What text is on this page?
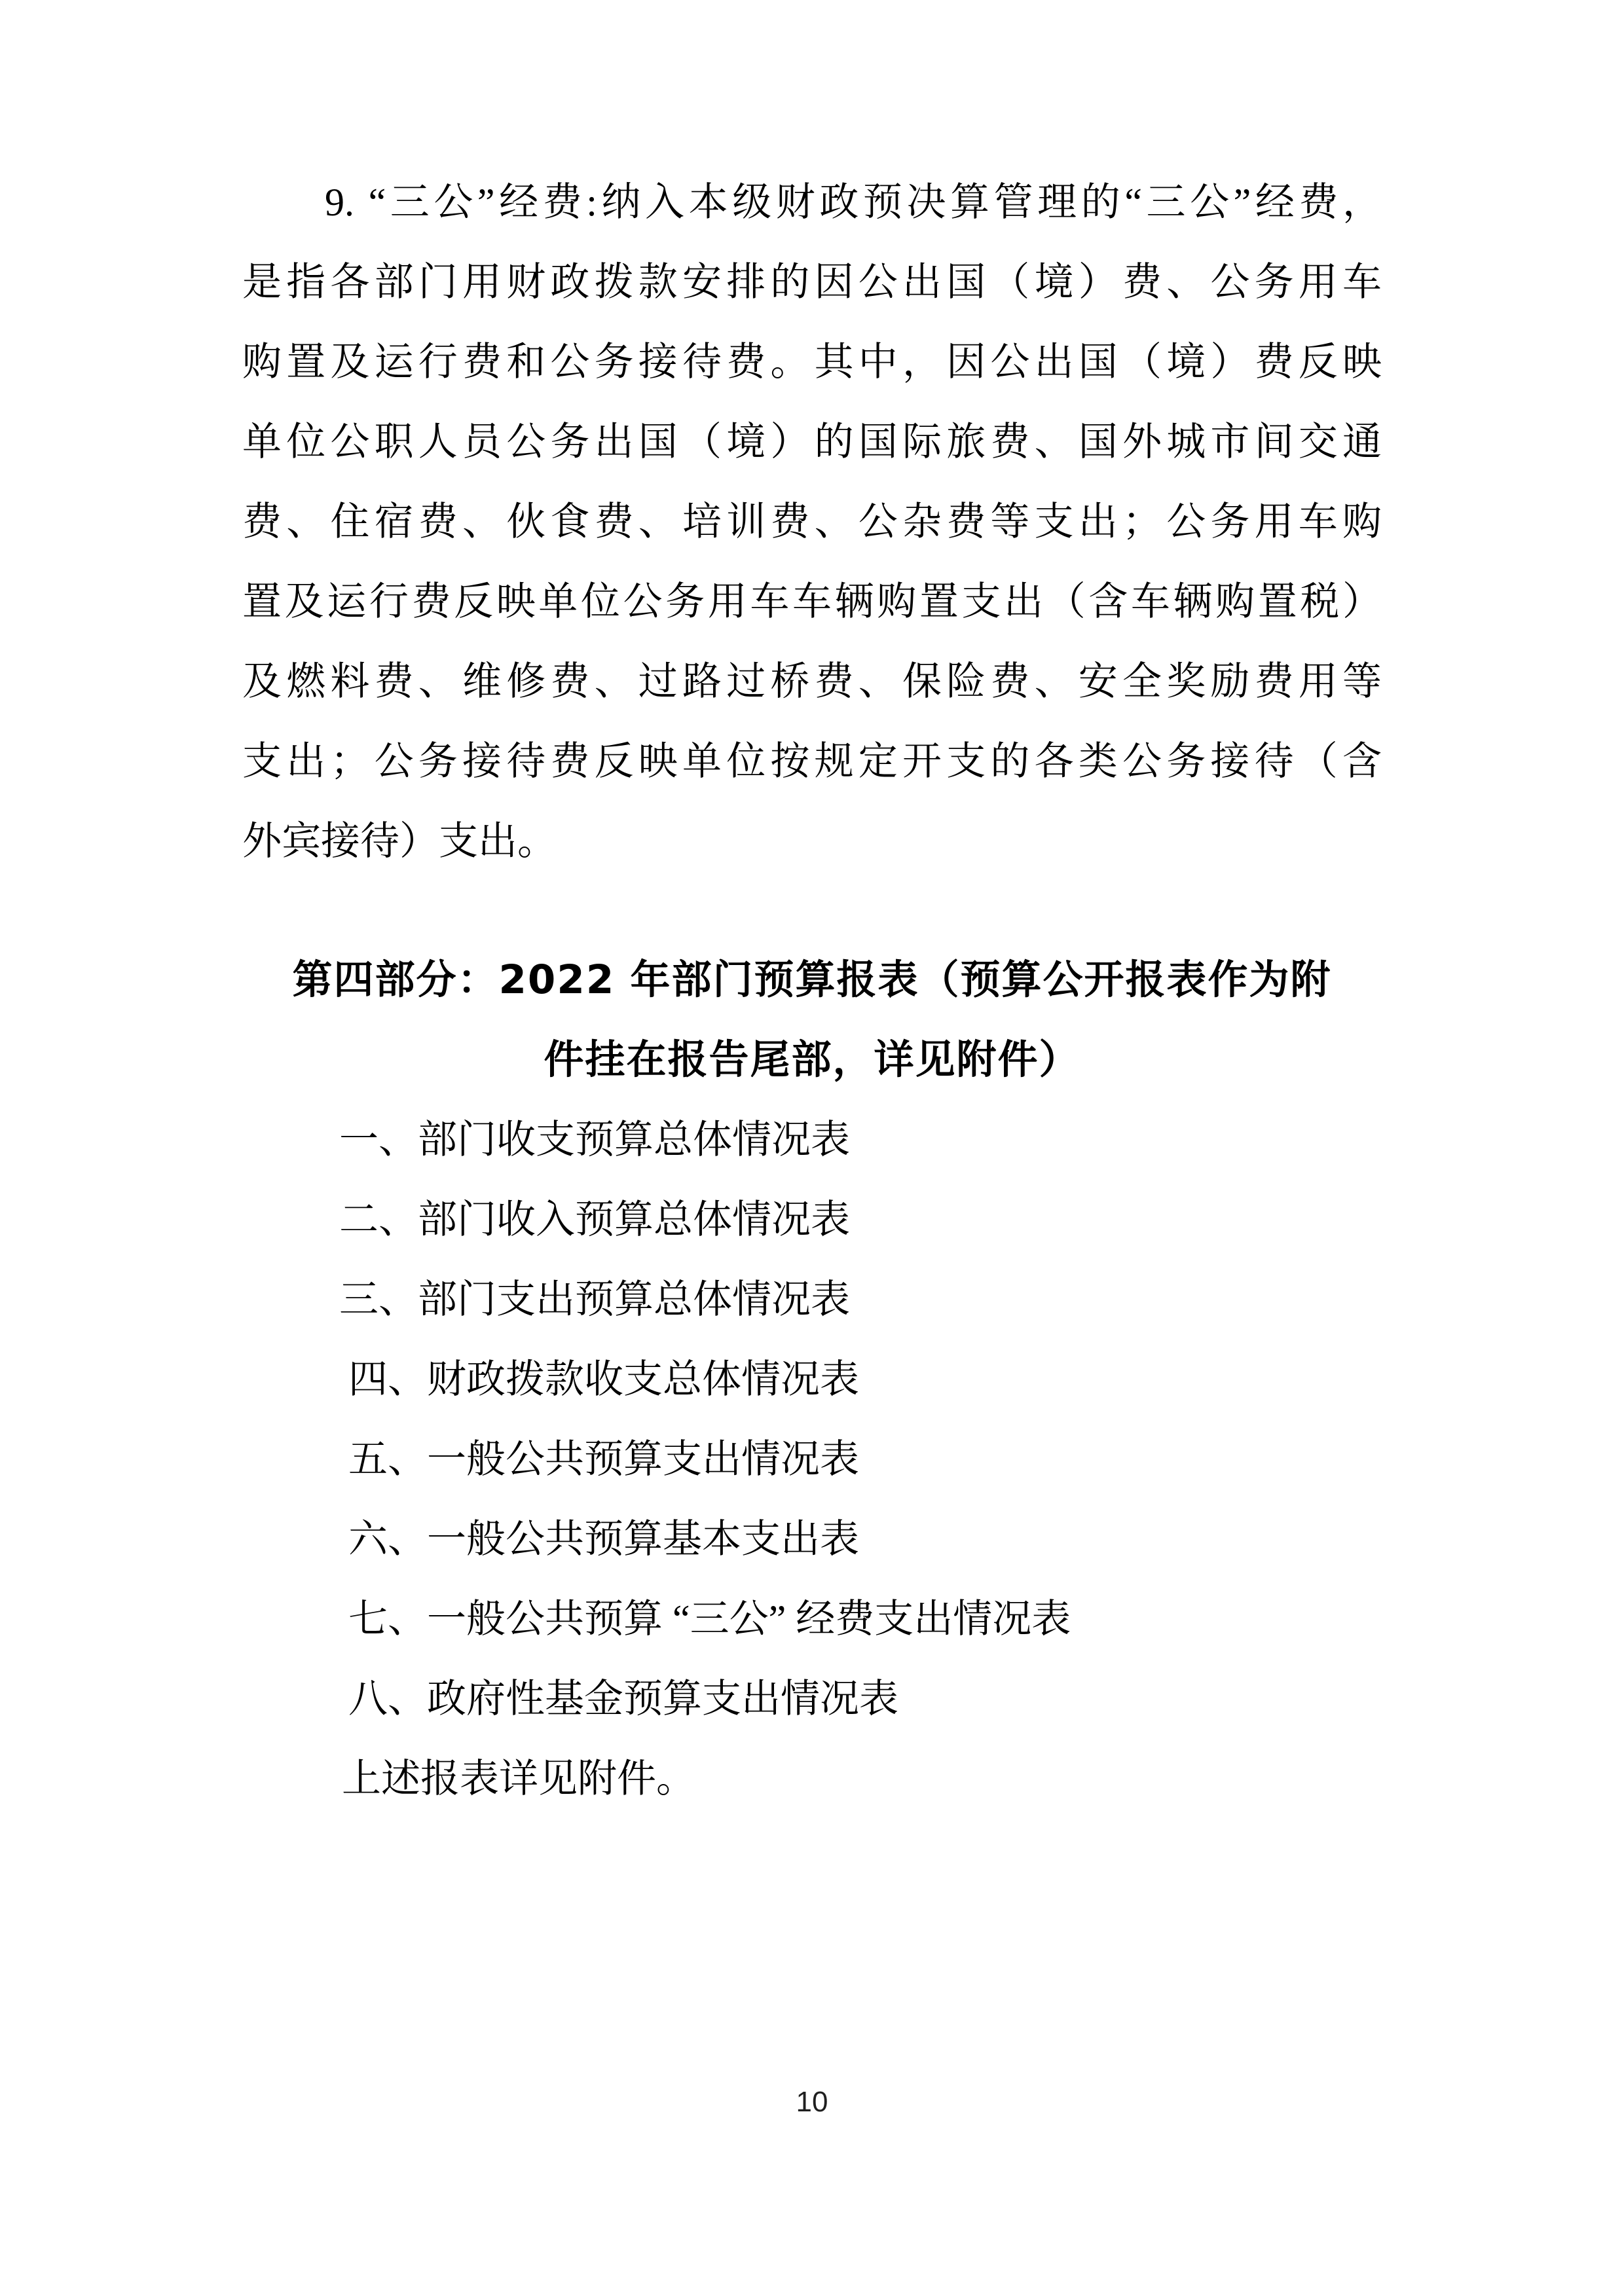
9. “三公”经费:纳入本级财政预决算管理的“三公”经费，
是指各部门用财政拨款安排的因公出国（境）费、公务用车
购置及运行费和公务接待费。其中，因公出国（境）费反映
单位公职人员公务出国（境）的国际旅费、国外城市间交通
费、住宿费、伙食费、培训费、公杂费等支出；公务用车购
置及运行费反映单位公务用车车辆购置支出（含车辆购置税）
及燃料费、维修费、过路过桥费、保险费、安全奖励费用等
支出；公务接待费反映单位按规定开支的各类公务接待（含
外宾接待）支出。
第四部分：2022 年部门预算报表（预算公开报表作为附
件挂在报告尾部，详见附件）
一、部门收支预算总体情况表
二、部门收入预算总体情况表
三、部门支出预算总体情况表
四、财政拨款收支总体情况表
五、一般公共预算支出情况表
六、一般公共预算基本支出表
七、一般公共预算 “三公” 经费支出情况表
八、政府性基金预算支出情况表
上述报表详见附件。
10
